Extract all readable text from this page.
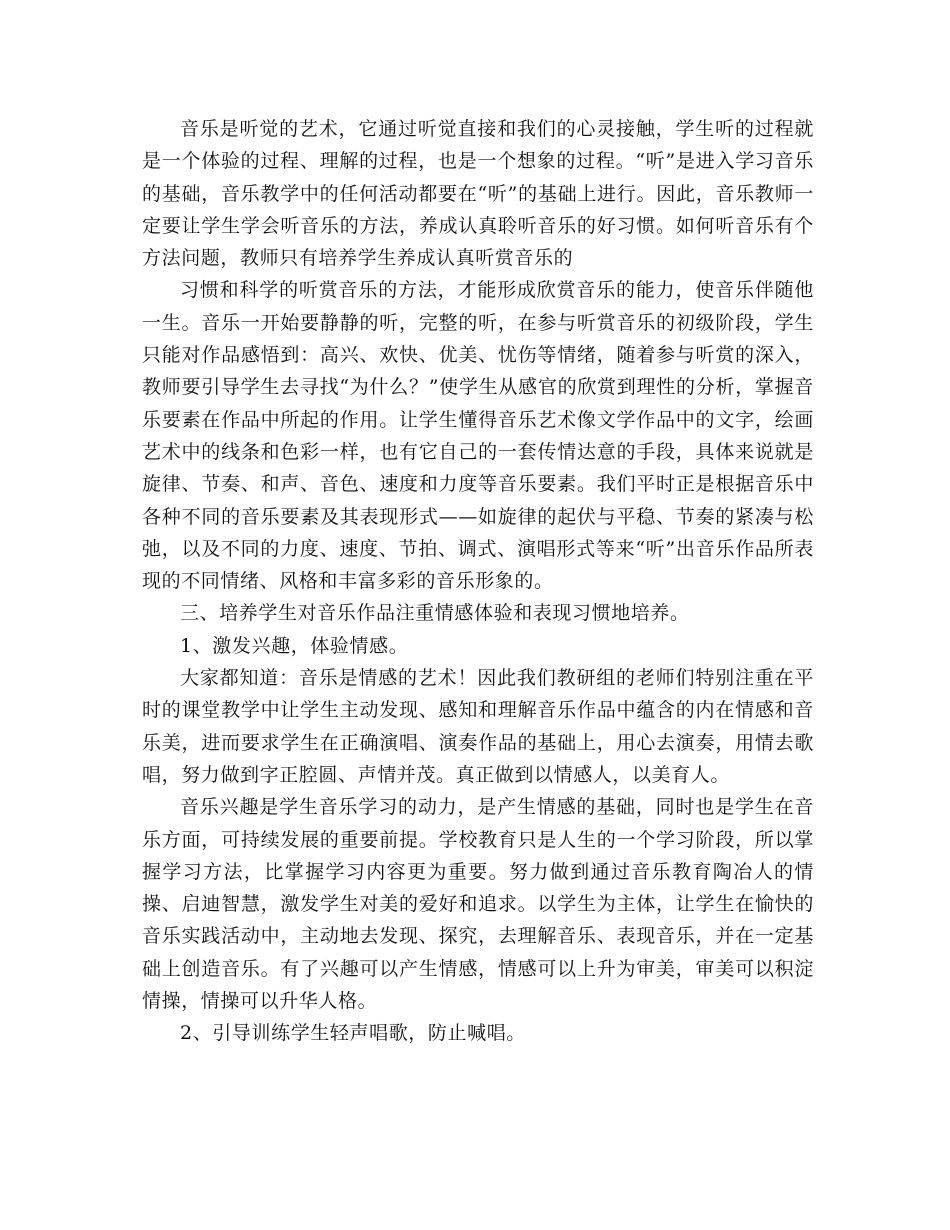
音乐是听觉的艺术，它通过听觉直接和我们的心灵接触，学生听的过程就是一个体验的过程、理解的过程，也是一个想象的过程。“听”是进入学习音乐的基础，音乐教学中的任何活动都要在“听”的基础上进行。因此，音乐教师一定要让学生学会听音乐的方法，养成认真聆听音乐的好习惯。如何听音乐有个方法问题，教师只有培养学生养成认真听赏音乐的

习惯和科学的听赏音乐的方法，才能形成欣赏音乐的能力，使音乐伴随他一生。音乐一开始要静静的听，完整的听，在参与听赏音乐的初级阶段，学生只能对作品感悟到：高兴、欢快、优美、忧伤等情绪，随着参与听赏的深入，教师要引导学生去寻找“为什么？”使学生从感官的欣赏到理性的分析，掌握音乐要素在作品中所起的作用。让学生懂得音乐艺术像文学作品中的文字，绘画艺术中的线条和色彩一样，也有它自己的一套传情达意的手段，具体来说就是旋律、节奏、和声、音色、速度和力度等音乐要素。我们平时正是根据音乐中各种不同的音乐要素及其表现形式——如旋律的起伏与平稳、节奏的紧凑与松弛，以及不同的力度、速度、节拍、调式、演唱形式等来“听”出音乐作品所表现的不同情绪、风格和丰富多彩的音乐形象的。

三、培养学生对音乐作品注重情感体验和表现习惯地培养。

1、激发兴趣，体验情感。

大家都知道：音乐是情感的艺术！因此我们教研组的老师们特别注重在平时的课堂教学中让学生主动发现、感知和理解音乐作品中蕴含的内在情感和音乐美，进而要求学生在正确演唱、演奏作品的基础上，用心去演奏，用情去歌唱，努力做到字正腔圆、声情并茂。真正做到以情感人，以美育人。

音乐兴趣是学生音乐学习的动力，是产生情感的基础，同时也是学生在音乐方面，可持续发展的重要前提。学校教育只是人生的一个学习阶段，所以掌握学习方法，比掌握学习内容更为重要。努力做到通过音乐教育陶冶人的情操、启迪智慧，激发学生对美的爱好和追求。以学生为主体，让学生在愉快的音乐实践活动中，主动地去发现、探究，去理解音乐、表现音乐，并在一定基础上创造音乐。有了兴趣可以产生情感，情感可以上升为审美，审美可以积淀情操，情操可以升华人格。

2、引导训练学生轻声唱歌，防止喊唱。
